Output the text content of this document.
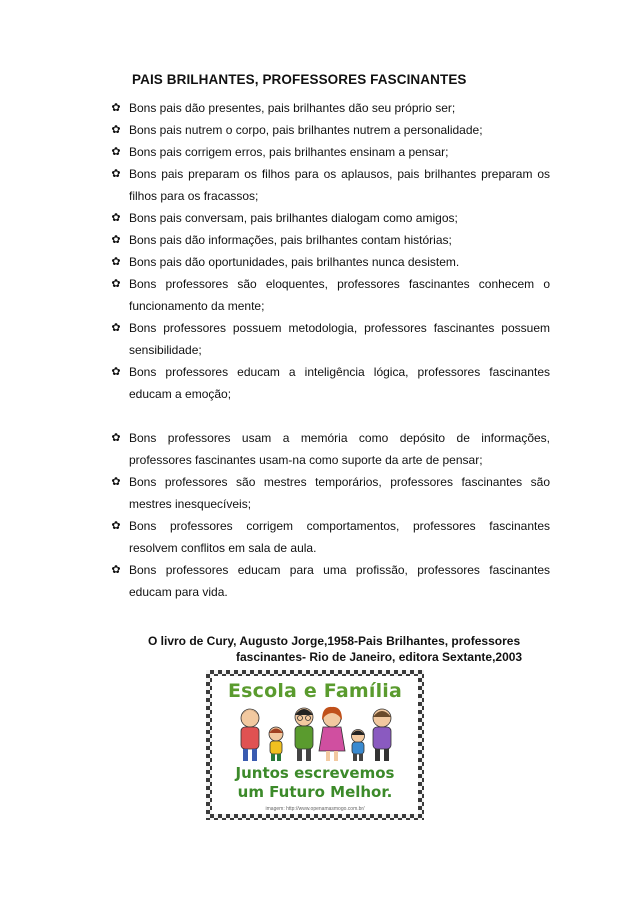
PAIS BRILHANTES, PROFESSORES FASCINANTES
✿ Bons pais dão presentes, pais brilhantes dão seu próprio ser;
✿ Bons pais nutrem o corpo, pais brilhantes nutrem a personalidade;
✿ Bons pais corrigem erros, pais brilhantes ensinam a pensar;
✿ Bons pais preparam os filhos para os aplausos, pais brilhantes preparam os filhos para os fracassos;
✿ Bons pais conversam, pais brilhantes dialogam como amigos;
✿ Bons pais dão informações, pais brilhantes contam histórias;
✿ Bons pais dão oportunidades, pais brilhantes nunca desistem.
✿ Bons professores são eloquentes, professores fascinantes conhecem o funcionamento da mente;
✿ Bons professores possuem metodologia, professores fascinantes possuem sensibilidade;
✿ Bons professores educam a inteligência lógica, professores fascinantes educam a emoção;
✿ Bons professores usam a memória como depósito de informações, professores fascinantes usam-na como suporte da arte de pensar;
✿ Bons professores são mestres temporários, professores fascinantes são mestres inesquecíveis;
✿ Bons professores corrigem comportamentos, professores fascinantes resolvem conflitos em sala de aula.
✿ Bons professores educam para uma profissão, professores fascinantes educam para vida.
O livro de Cury, Augusto Jorge,1958-Pais Brilhantes, professores
fascinantes- Rio de Janeiro, editora Sextante,2003
Escola e Família
Juntos escrevemos
um Futuro Melhor.
imagem: http://www.openamasmogo.com.br/
